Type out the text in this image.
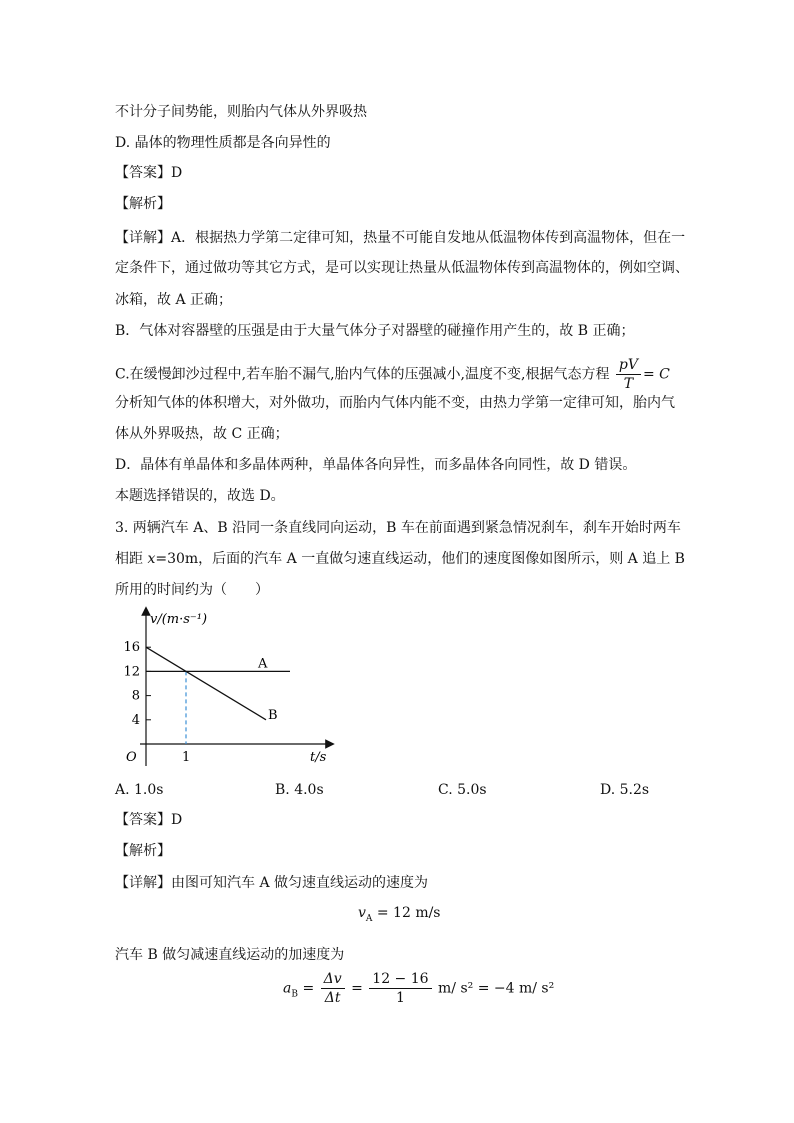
不计分子间势能，则胎内气体从外界吸热
D. 晶体的物理性质都是各向异性的
【答案】D
【解析】
【详解】A．根据热力学第二定律可知，热量不可能自发地从低温物体传到高温物体，但在一
定条件下，通过做功等其它方式，是可以实现让热量从低温物体传到高温物体的，例如空调、
冰箱，故 A 正确；
B．气体对容器壁的压强是由于大量气体分子对器壁的碰撞作用产生的，故 B 正确；
C.在缓慢卸沙过程中,若车胎不漏气,胎内气体的压强减小,温度不变,根据气态方程 $\frac{pV}{T} = C$
分析知气体的体积增大，对外做功，而胎内气体内能不变，由热力学第一定律可知，胎内气
体从外界吸热，故 C 正确；
D．晶体有单晶体和多晶体两种，单晶体各向异性，而多晶体各向同性，故 D 错误。
本题选择错误的，故选 D。
3. 两辆汽车 A、B 沿同一条直线同向运动，B 车在前面遇到紧急情况刹车，刹车开始时两车
相距 x=30m，后面的汽车 A 一直做匀速直线运动，他们的速度图像如图所示，则 A 追上 B
所用的时间约为（　　）
v/(m·s⁻¹)
t/s
O
4
8
12
16
1
A
B
A. 1.0s	B. 4.0s	C. 5.0s	D. 5.2s
【答案】D
【解析】
【详解】由图可知汽车 A 做匀速直线运动的速度为
$v_A = 12$ m/s
汽车 B 做匀减速直线运动的加速度为
$a_B = \frac{\Delta v}{\Delta t} = \frac{12 - 16}{1} m/$ s² = −4 m/ s²
